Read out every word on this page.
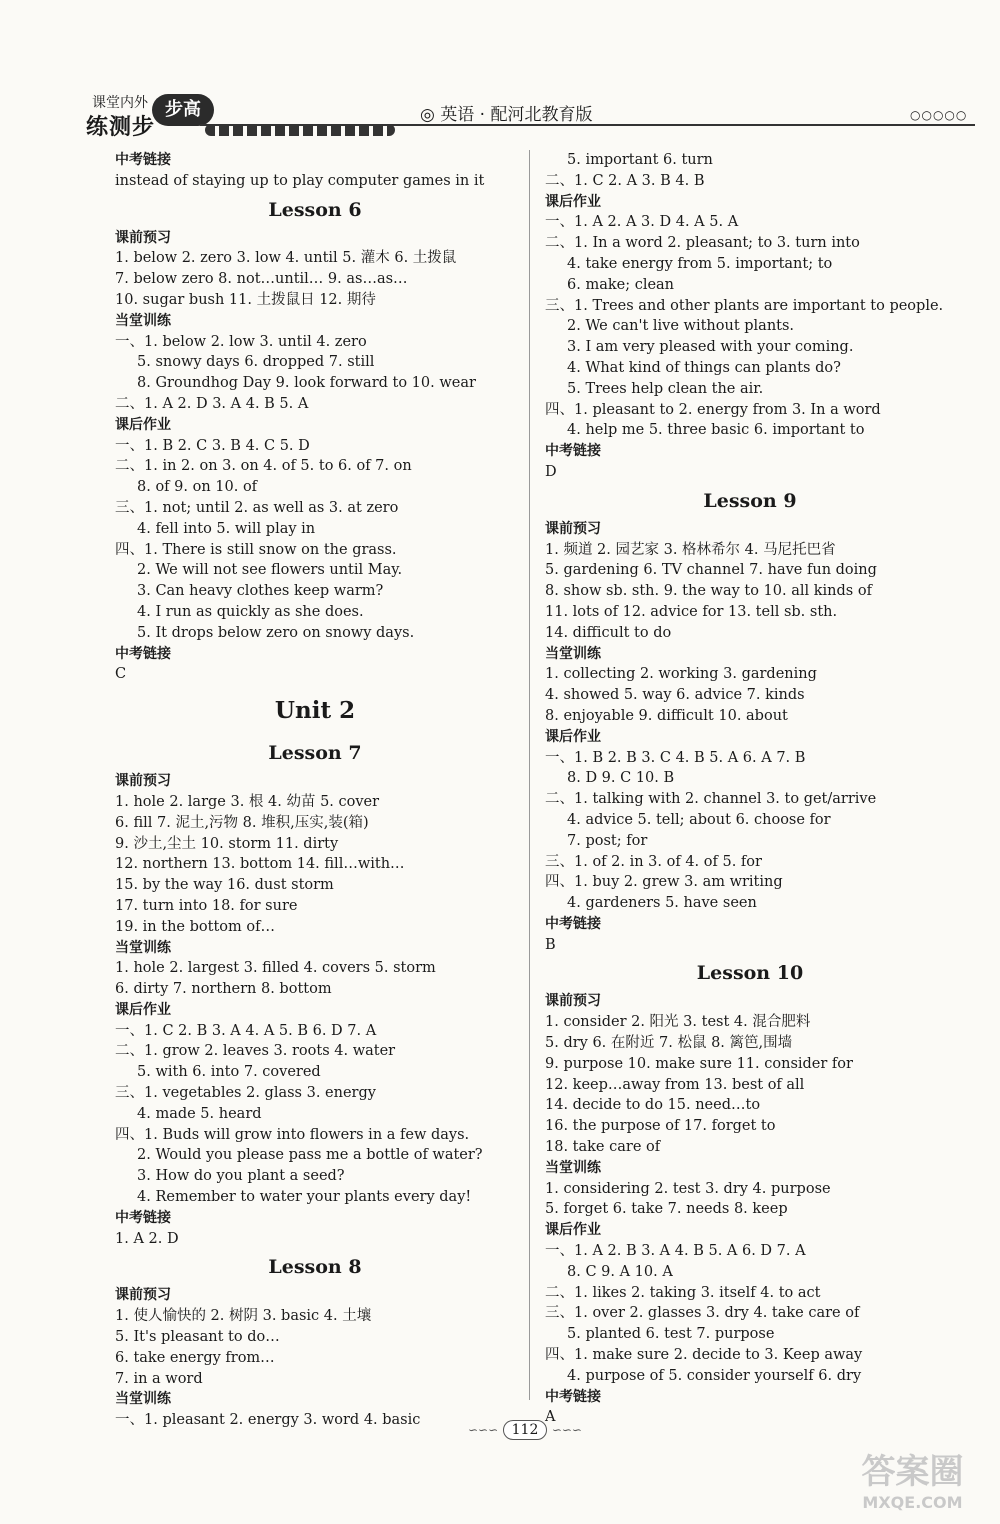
课堂内外 步高
练测步	◎ 英语 · 配河北教育版	○○○○○
中考链接
instead of staying up to play computer games in it
Lesson 6
课前预习
1. below 2. zero 3. low 4. until 5. 灌木 6. 土拨鼠
7. below zero 8. not…until… 9. as…as…
10. sugar bush 11. 土拨鼠日 12. 期待
当堂训练
一、1. below 2. low 3. until 4. zero
5. snowy days 6. dropped 7. still
8. Groundhog Day 9. look forward to 10. wear
二、1. A 2. D 3. A 4. B 5. A
课后作业
一、1. B 2. C 3. B 4. C 5. D
二、1. in 2. on 3. on 4. of 5. to 6. of 7. on
8. of 9. on 10. of
三、1. not; until 2. as well as 3. at zero
4. fell into 5. will play in
四、1. There is still snow on the grass.
2. We will not see flowers until May.
3. Can heavy clothes keep warm?
4. I run as quickly as she does.
5. It drops below zero on snowy days.
中考链接
C
Unit 2
Lesson 7
课前预习
1. hole 2. large 3. 根 4. 幼苗 5. cover
6. fill 7. 泥土,污物 8. 堆积,压实,装(箱)
9. 沙土,尘土 10. storm 11. dirty
12. northern 13. bottom 14. fill…with…
15. by the way 16. dust storm
17. turn into 18. for sure
19. in the bottom of…
当堂训练
1. hole 2. largest 3. filled 4. covers 5. storm
6. dirty 7. northern 8. bottom
课后作业
一、1. C 2. B 3. A 4. A 5. B 6. D 7. A
二、1. grow 2. leaves 3. roots 4. water
5. with 6. into 7. covered
三、1. vegetables 2. glass 3. energy
4. made 5. heard
四、1. Buds will grow into flowers in a few days.
2. Would you please pass me a bottle of water?
3. How do you plant a seed?
4. Remember to water your plants every day!
中考链接
1. A 2. D
Lesson 8
课前预习
1. 使人愉快的 2. 树阴 3. basic 4. 土壤
5. It's pleasant to do…
6. take energy from…
7. in a word
当堂训练
一、1. pleasant 2. energy 3. word 4. basic
5. important 6. turn
二、1. C 2. A 3. B 4. B
课后作业
一、1. A 2. A 3. D 4. A 5. A
二、1. In a word 2. pleasant; to 3. turn into
4. take energy from 5. important; to
6. make; clean
三、1. Trees and other plants are important to people.
2. We can't live without plants.
3. I am very pleased with your coming.
4. What kind of things can plants do?
5. Trees help clean the air.
四、1. pleasant to 2. energy from 3. In a word
4. help me 5. three basic 6. important to
中考链接
D
Lesson 9
课前预习
1. 频道 2. 园艺家 3. 格林希尔 4. 马尼托巴省
5. gardening 6. TV channel 7. have fun doing
8. show sb. sth. 9. the way to 10. all kinds of
11. lots of 12. advice for 13. tell sb. sth.
14. difficult to do
当堂训练
1. collecting 2. working 3. gardening
4. showed 5. way 6. advice 7. kinds
8. enjoyable 9. difficult 10. about
课后作业
一、1. B 2. B 3. C 4. B 5. A 6. A 7. B
8. D 9. C 10. B
二、1. talking with 2. channel 3. to get/arrive
4. advice 5. tell; about 6. choose for
7. post; for
三、1. of 2. in 3. of 4. of 5. for
四、1. buy 2. grew 3. am writing
4. gardeners 5. have seen
中考链接
B
Lesson 10
课前预习
1. consider 2. 阳光 3. test 4. 混合肥料
5. dry 6. 在附近 7. 松鼠 8. 篱笆,围墙
9. purpose 10. make sure 11. consider for
12. keep…away from 13. best of all
14. decide to do 15. need…to
16. the purpose of 17. forget to
18. take care of
当堂训练
1. considering 2. test 3. dry 4. purpose
5. forget 6. take 7. needs 8. keep
课后作业
一、1. A 2. B 3. A 4. B 5. A 6. D 7. A
8. C 9. A 10. A
二、1. likes 2. taking 3. itself 4. to act
三、1. over 2. glasses 3. dry 4. take care of
5. planted 6. test 7. purpose
四、1. make sure 2. decide to 3. Keep away
4. purpose of 5. consider yourself 6. dry
中考链接
A
∽∽∽ 112 ∽∽∽
答案圈
MXQE.COM
